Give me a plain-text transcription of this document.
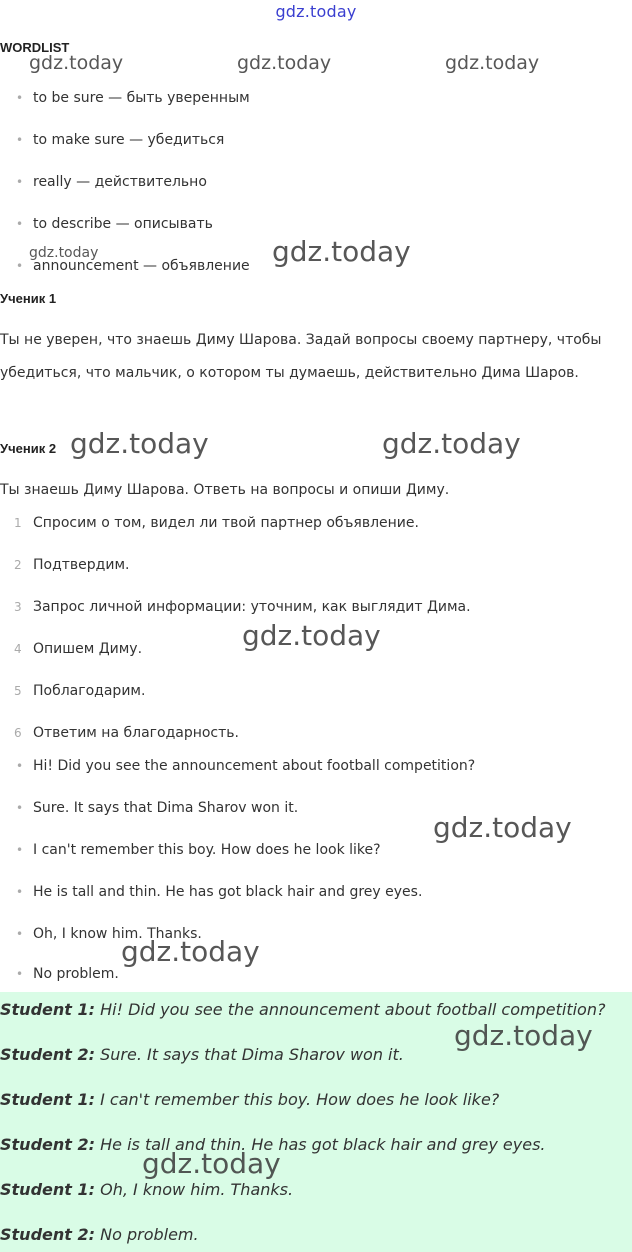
gdz.today
WORDLIST
• to be sure — быть уверенным
• to make sure — убедиться
• really — действительно
• to describe — описывать
• announcement — объявление
Ученик 1
Ты не уверен, что знаешь Диму Шарова. Задай вопросы своему партнеру, чтобы убедиться, что мальчик, о котором ты думаешь, действительно Дима Шаров.
Ученик 2
Ты знаешь Диму Шарова. Ответь на вопросы и опиши Диму.
1 Спросим о том, видел ли твой партнер объявление.
2 Подтвердим.
3 Запрос личной информации: уточним, как выглядит Дима.
4 Опишем Диму.
5 Поблагодарим.
6 Ответим на благодарность.
• Hi! Did you see the announcement about football competition?
• Sure. It says that Dima Sharov won it.
• I can't remember this boy. How does he look like?
• He is tall and thin. He has got black hair and grey eyes.
• Oh, I know him. Thanks.
• No problem.
Student 1: Hi! Did you see the announcement about football competition?
Student 2: Sure. It says that Dima Sharov won it.
Student 1: I can't remember this boy. How does he look like?
Student 2: He is tall and thin. He has got black hair and grey eyes.
Student 1: Oh, I know him. Thanks.
Student 2: No problem.
gdz.today	gdz.today	gdz.today
gdz.today	gdz.today
gdz.today	gdz.today
gdz.today
gdz.today
gdz.today
gdz.today
gdz.today
